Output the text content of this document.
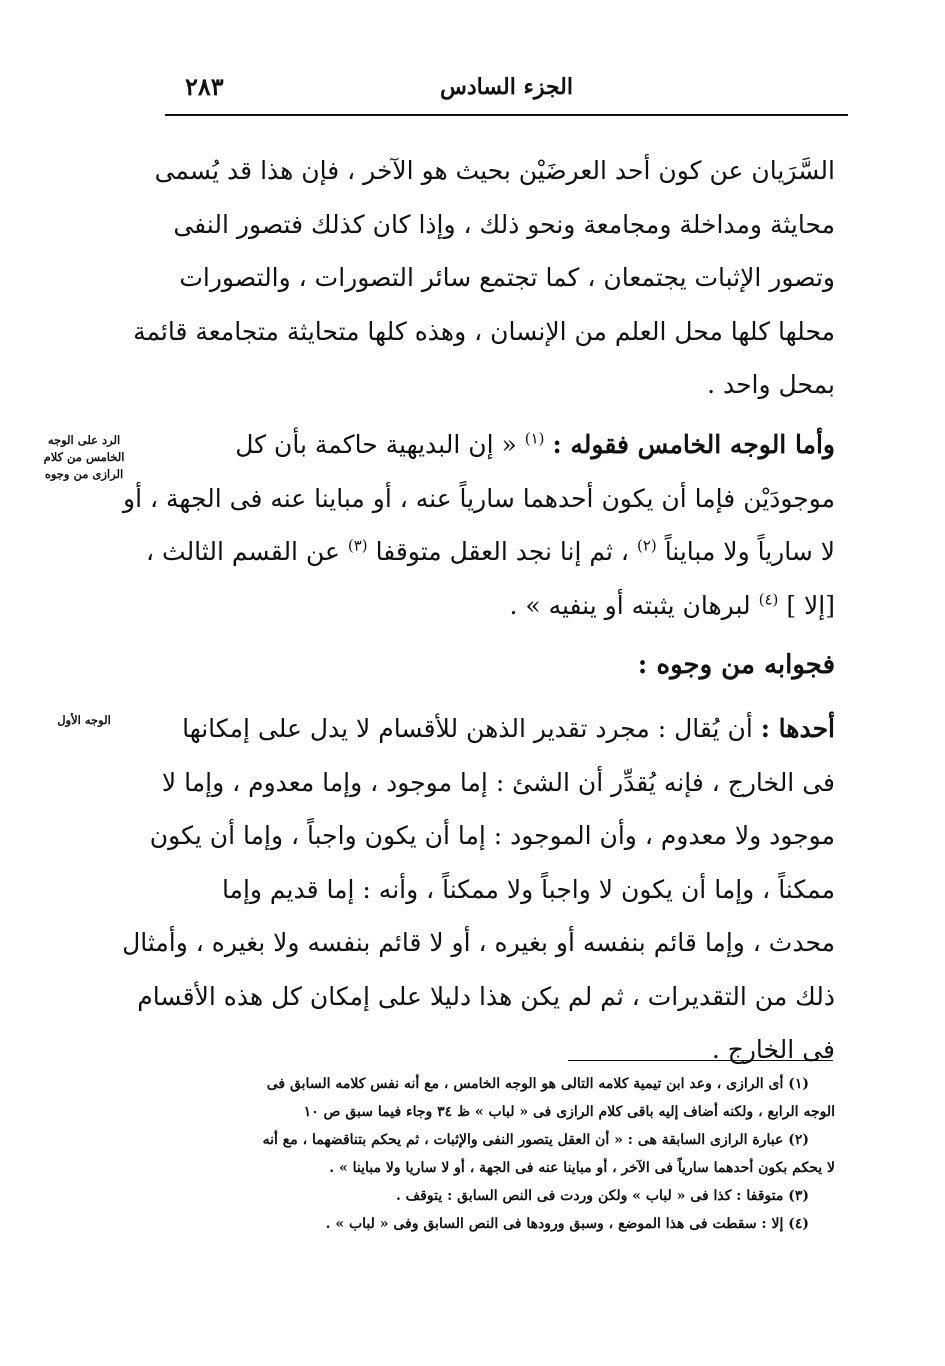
٢٨٣	الجزء السادس
السَّرَيان عن كون أحد العرضَيْن بحيث هو الآخر ، فإن هذا قد يُسمى
محايثة ومداخلة ومجامعة ونحو ذلك ، وإذا كان كذلك فتصور النفى
وتصور الإثبات يجتمعان ، كما تجتمع سائر التصورات ، والتصورات
محلها كلها محل العلم من الإنسان ، وهذه كلها متحايثة متجامعة قائمة
بمحل واحد .
الرد على الوجه
الخامس من كلام
الرازى من وجوه
وأما الوجه الخامس فقوله : $^{(١)}$ « إن البديهية حاكمة بأن كل
موجودَيْن فإما أن يكون أحدهما سارياً عنه ، أو مباينا عنه فى الجهة ، أو
لا سارياً ولا مبايناً $^{(٢)}$ ، ثم إنا نجد العقل متوقفا $^{(٣)}$ عن القسم الثالث ،
[إلا ] $^{(٤)}$ لبرهان يثبته أو ينفيه » .
فجوابه من وجوه :
الوجه الأول	أحدها : أن يُقال : مجرد تقدير الذهن للأقسام لا يدل على إمكانها
فى الخارج ، فإنه يُقدِّر أن الشئ : إما موجود ، وإما معدوم ، وإما لا
موجود ولا معدوم ، وأن الموجود : إما أن يكون واجباً ، وإما أن يكون
ممكناً ، وإما أن يكون لا واجباً ولا ممكناً ، وأنه : إما قديم وإما
محدث ، وإما قائم بنفسه أو بغيره ، أو لا قائم بنفسه ولا بغيره ، وأمثال
ذلك من التقديرات ، ثم لم يكن هذا دليلا على إمكان كل هذه الأقسام
فى الخارج .
(١) أى الرازى ، وعد ابن تيمية كلامه التالى هو الوجه الخامس ، مع أنه نفس كلامه السابق فى
الوجه الرابع ، ولكنه أضاف إليه باقى كلام الرازى فى « لباب » ظ ٣٤ وجاء فيما سبق ص ١٠
(٢) عبارة الرازى السابقة هى : « أن العقل يتصور النفى والإثبات ، ثم يحكم بتناقضهما ، مع أنه
لا يحكم بكون أحدهما سارياً فى الآخر ، أو مباينا عنه فى الجهة ، أو لا ساريا ولا مباينا » .
(٣) متوقفا : كذا فى « لباب » ولكن وردت فى النص السابق : يتوقف .
(٤) إلا : سقطت فى هذا الموضع ، وسبق ورودها فى النص السابق وفى « لباب » .
